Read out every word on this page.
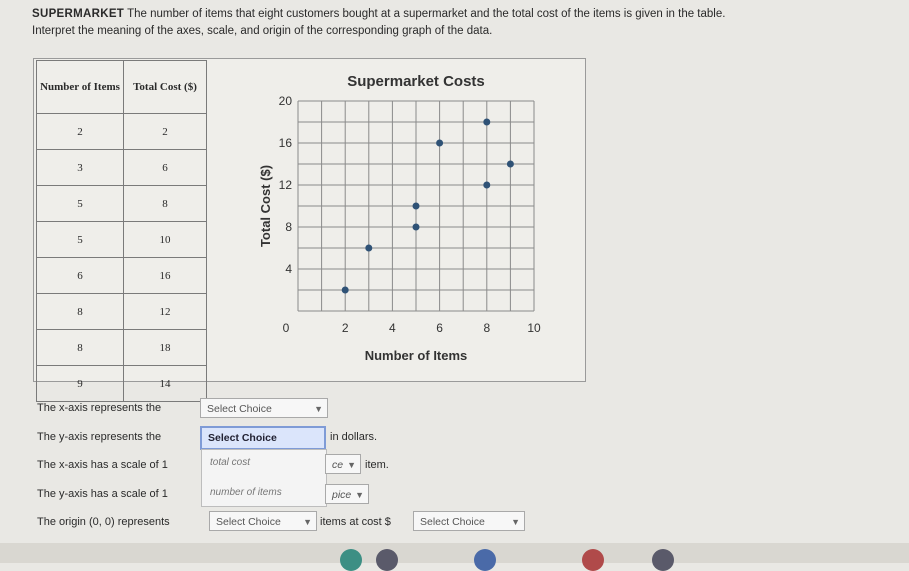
SUPERMARKET The number of items that eight customers bought at a supermarket and the total cost of the items is given in the table.
Interpret the meaning of the axes, scale, and origin of the corresponding graph of the data.
Number of Items	Total Cost ($)
2	2
3	6
5	8
5	10
6	16
8	12
8	18
9	14
Supermarket Costs
2	4	6	8	10
4
8
12
16
20
0
Number of Items
Total Cost ($)
The x-axis represents the	Select Choice	▼
The y-axis represents the	Select Choice	in dollars.
total cost
number of items
The x-axis has a scale of 1	ce ▼ item.
The y-axis has a scale of 1	pice ▼
The origin (0, 0) represents	Select Choice ▼ items at cost $	Select Choice	▼
